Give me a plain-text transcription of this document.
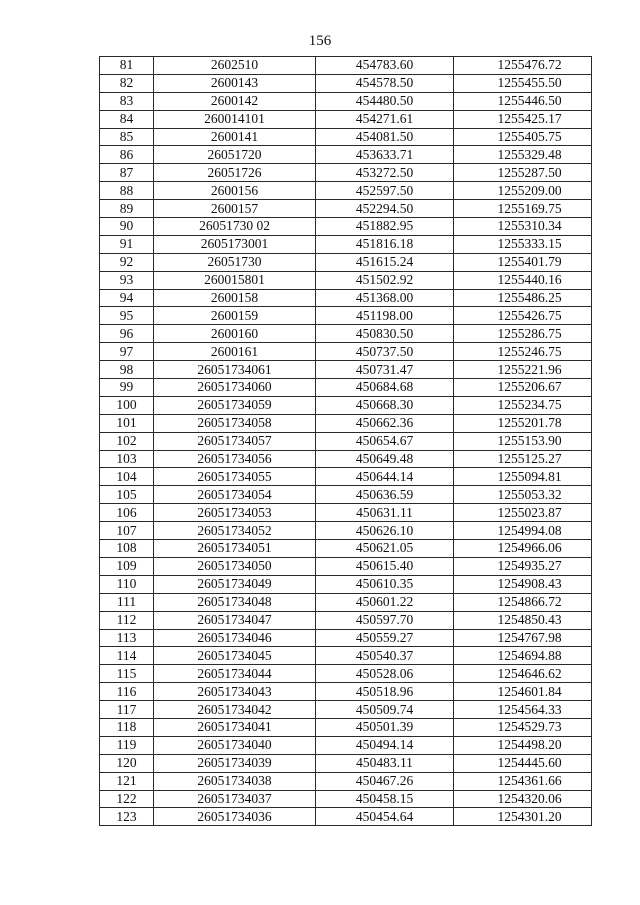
156
81	2602510	454783.60	1255476.72
82	2600143	454578.50	1255455.50
83	2600142	454480.50	1255446.50
84	260014101	454271.61	1255425.17
85	2600141	454081.50	1255405.75
86	26051720	453633.71	1255329.48
87	26051726	453272.50	1255287.50
88	2600156	452597.50	1255209.00
89	2600157	452294.50	1255169.75
90	26051730 02	451882.95	1255310.34
91	2605173001	451816.18	1255333.15
92	26051730	451615.24	1255401.79
93	260015801	451502.92	1255440.16
94	2600158	451368.00	1255486.25
95	2600159	451198.00	1255426.75
96	2600160	450830.50	1255286.75
97	2600161	450737.50	1255246.75
98	26051734061	450731.47	1255221.96
99	26051734060	450684.68	1255206.67
100	26051734059	450668.30	1255234.75
101	26051734058	450662.36	1255201.78
102	26051734057	450654.67	1255153.90
103	26051734056	450649.48	1255125.27
104	26051734055	450644.14	1255094.81
105	26051734054	450636.59	1255053.32
106	26051734053	450631.11	1255023.87
107	26051734052	450626.10	1254994.08
108	26051734051	450621.05	1254966.06
109	26051734050	450615.40	1254935.27
110	26051734049	450610.35	1254908.43
111	26051734048	450601.22	1254866.72
112	26051734047	450597.70	1254850.43
113	26051734046	450559.27	1254767.98
114	26051734045	450540.37	1254694.88
115	26051734044	450528.06	1254646.62
116	26051734043	450518.96	1254601.84
117	26051734042	450509.74	1254564.33
118	26051734041	450501.39	1254529.73
119	26051734040	450494.14	1254498.20
120	26051734039	450483.11	1254445.60
121	26051734038	450467.26	1254361.66
122	26051734037	450458.15	1254320.06
123	26051734036	450454.64	1254301.20
